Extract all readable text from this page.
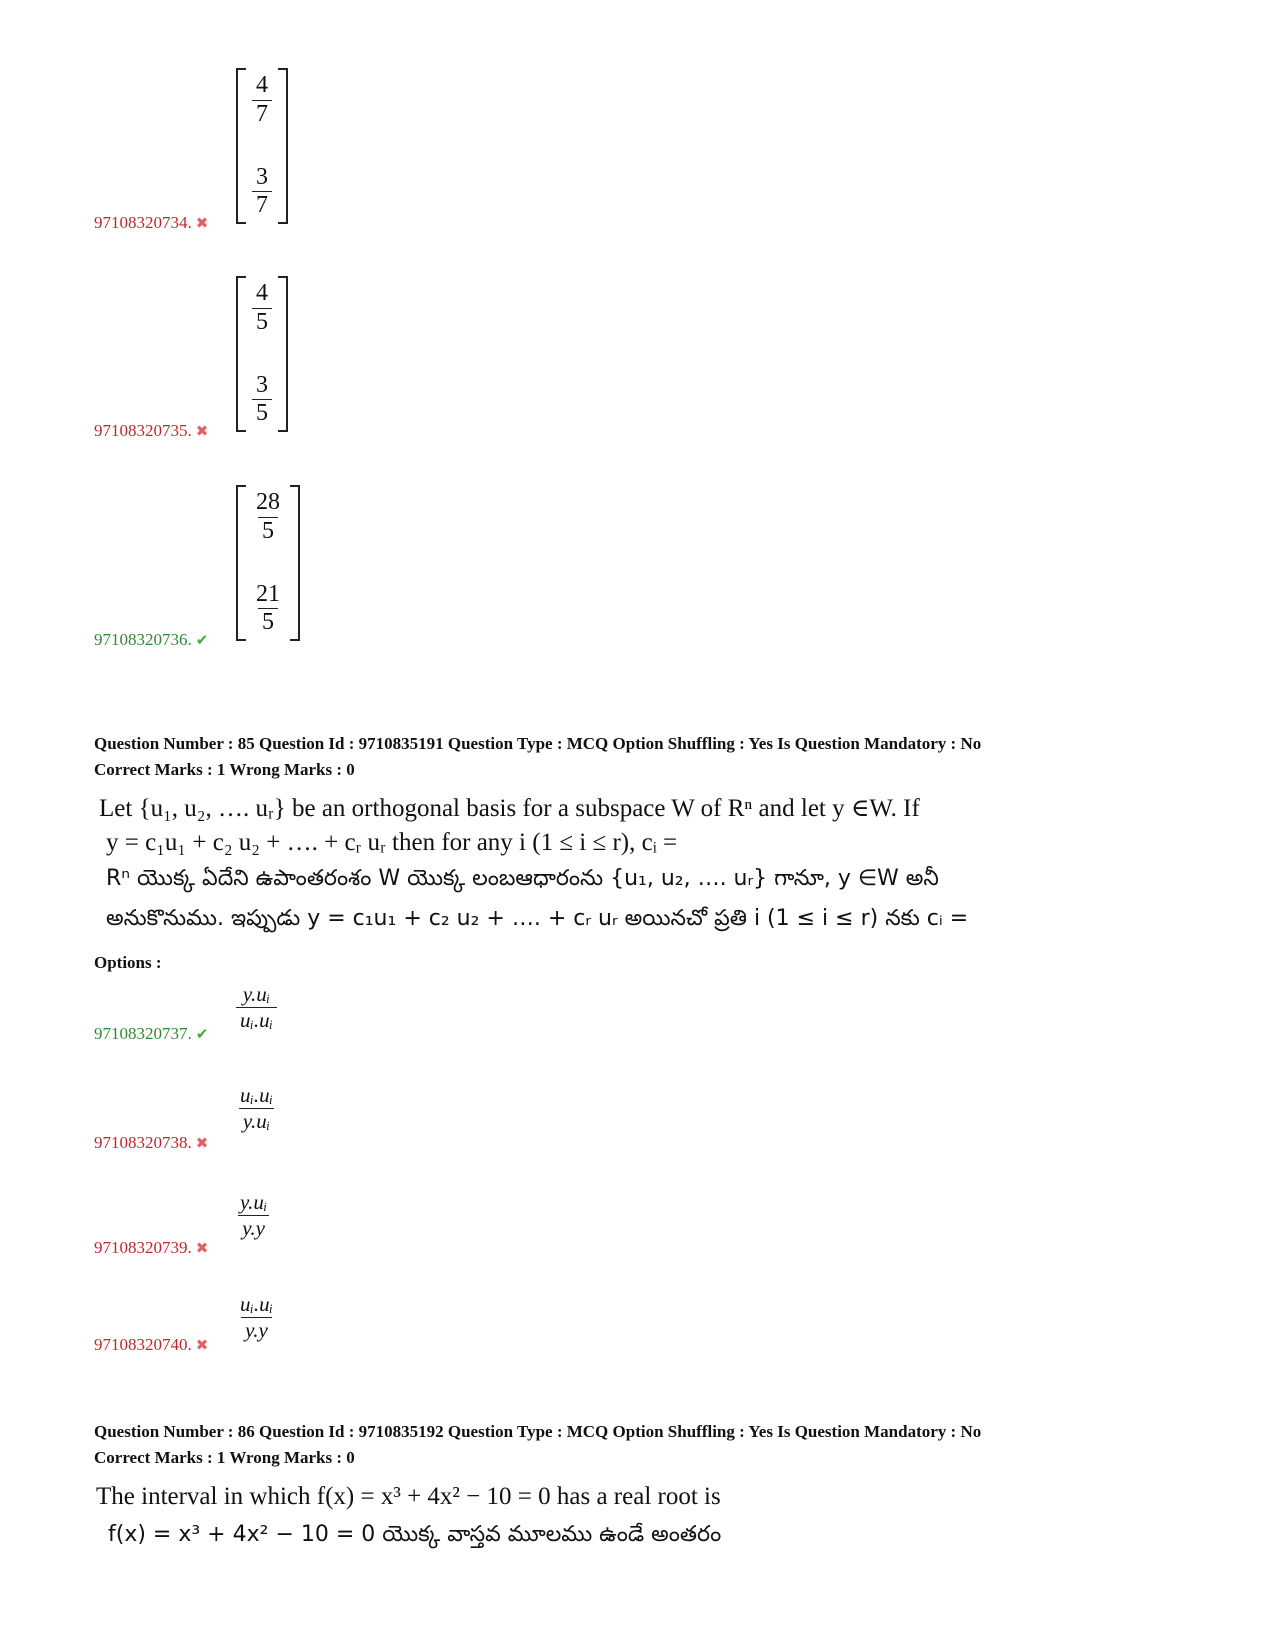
$\frac{4}{7}$
$\frac{3}{7}$
97108320734. ✖
$\frac{4}{5}$
$\frac{3}{5}$
97108320735. ✖
$\frac{28}{5}$
$\frac{21}{5}$
97108320736. ✔
Question Number : 85 Question Id : 9710835191 Question Type : MCQ Option Shuffling : Yes Is Question Mandatory : No
Correct Marks : 1 Wrong Marks : 0
Let {u₁, u₂, …. uᵣ} be an orthogonal basis for a subspace W of Rⁿ and let y ∈W. If
y = c₁u₁ + c₂ u₂ + …. + cᵣ uᵣ then for any i (1 ≤ i ≤ r), cᵢ =
Rⁿ యొక్క ఏదేని ఉపాంతరంశం W యొక్క లంబఆధారంను {u₁, u₂, …. uᵣ} గానూ, y ∈W అనీ
అనుకొనుము. ఇప్పుడు y = c₁u₁ + c₂ u₂ + …. + cᵣ uᵣ అయినచో ప్రతి i (1 ≤ i ≤ r) నకు cᵢ =
Options :
$\frac{\text{y.uᵢ}}{\text{uᵢ.uᵢ}}$
97108320737. ✔
$\frac{\text{uᵢ.uᵢ}}{\text{y.uᵢ}}$
97108320738. ✖
$\frac{\text{y.uᵢ}}{y.y}$
97108320739. ✖
$\frac{\text{uᵢ.uᵢ}}{y.y}$
97108320740. ✖
Question Number : 86 Question Id : 9710835192 Question Type : MCQ Option Shuffling : Yes Is Question Mandatory : No
Correct Marks : 1 Wrong Marks : 0
The interval in which f(x) = x³ + 4x² − 10 = 0 has a real root is
f(x) = x³ + 4x² − 10 = 0 యొక్క వాస్తవ మూలము ఉండే అంతరం
